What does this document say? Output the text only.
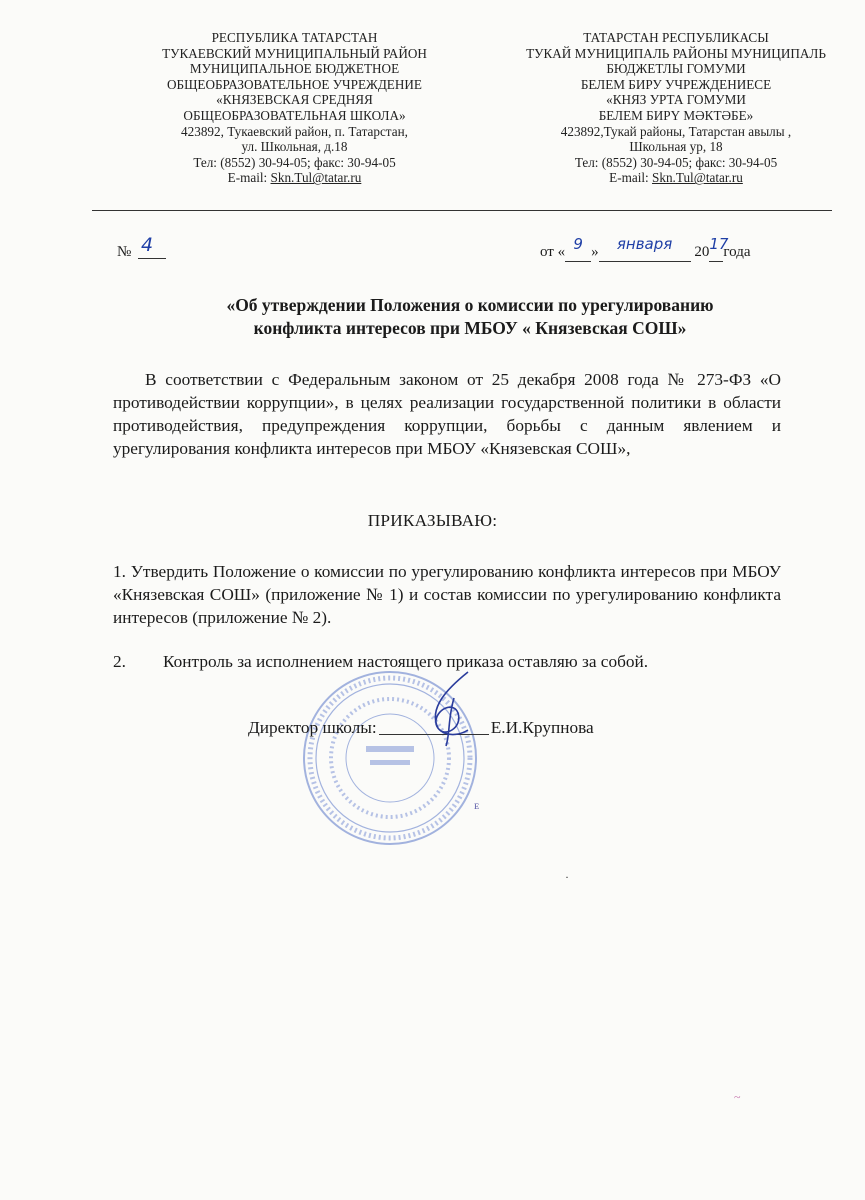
РЕСПУБЛИКА ТАТАРСТАН
ТУКАЕВСКИЙ МУНИЦИПАЛЬНЫЙ РАЙОН
МУНИЦИПАЛЬНОЕ БЮДЖЕТНОЕ
ОБЩЕОБРАЗОВАТЕЛЬНОЕ УЧРЕЖДЕНИЕ
«КНЯЗЕВСКАЯ СРЕДНЯЯ
ОБЩЕОБРАЗОВАТЕЛЬНАЯ ШКОЛА»
423892, Тукаевский район, п. Татарстан,
ул. Школьная, д.18
Тел: (8552) 30-94-05; факс: 30-94-05
E-mail: Skn.Tul@tatar.ru
ТАТАРСТАН РЕСПУБЛИКАСЫ
ТУКАЙ МУНИЦИПАЛЬ РАЙОНЫ МУНИЦИПАЛЬ
БЮДЖЕТЛЫ ГОМУМИ
БЕЛЕМ БИРУ УЧРЕЖДЕНИЕСЕ
«КНЯЗ УРТА ГОМУМИ
БЕЛЕМ БИРҮ МӘКТӘБЕ»
423892,Тукай районы, Татарстан авылы ,
Школьная ур, 18
Тел: (8552) 30-94-05; факс: 30-94-05
E-mail: Skn.Tul@tatar.ru
№ 4	от « 9 »	января	20 17
года
«Об утверждении Положения о комиссии по урегулированию
конфликта интересов при МБОУ « Князевская СОШ»
В соответствии с Федеральным законом от 25 декабря 2008 года № 273-ФЗ «О противодействии коррупции», в целях реализации государственной политики в области противодействия, предупреждения коррупции, борьбы с данным явлением и урегулирования конфликта интересов при МБОУ «Князевская СОШ»,
ПРИКАЗЫВАЮ:
1. Утвердить Положение о комиссии по урегулированию конфликта интересов при МБОУ «Князевская СОШ» (приложение № 1) и состав комиссии по урегулированию конфликта интересов (приложение № 2).
2. Контроль за исполнением настоящего приказа оставляю за собой.
Директор школы:	Е.И.Крупнова
ᴇ
·
~
